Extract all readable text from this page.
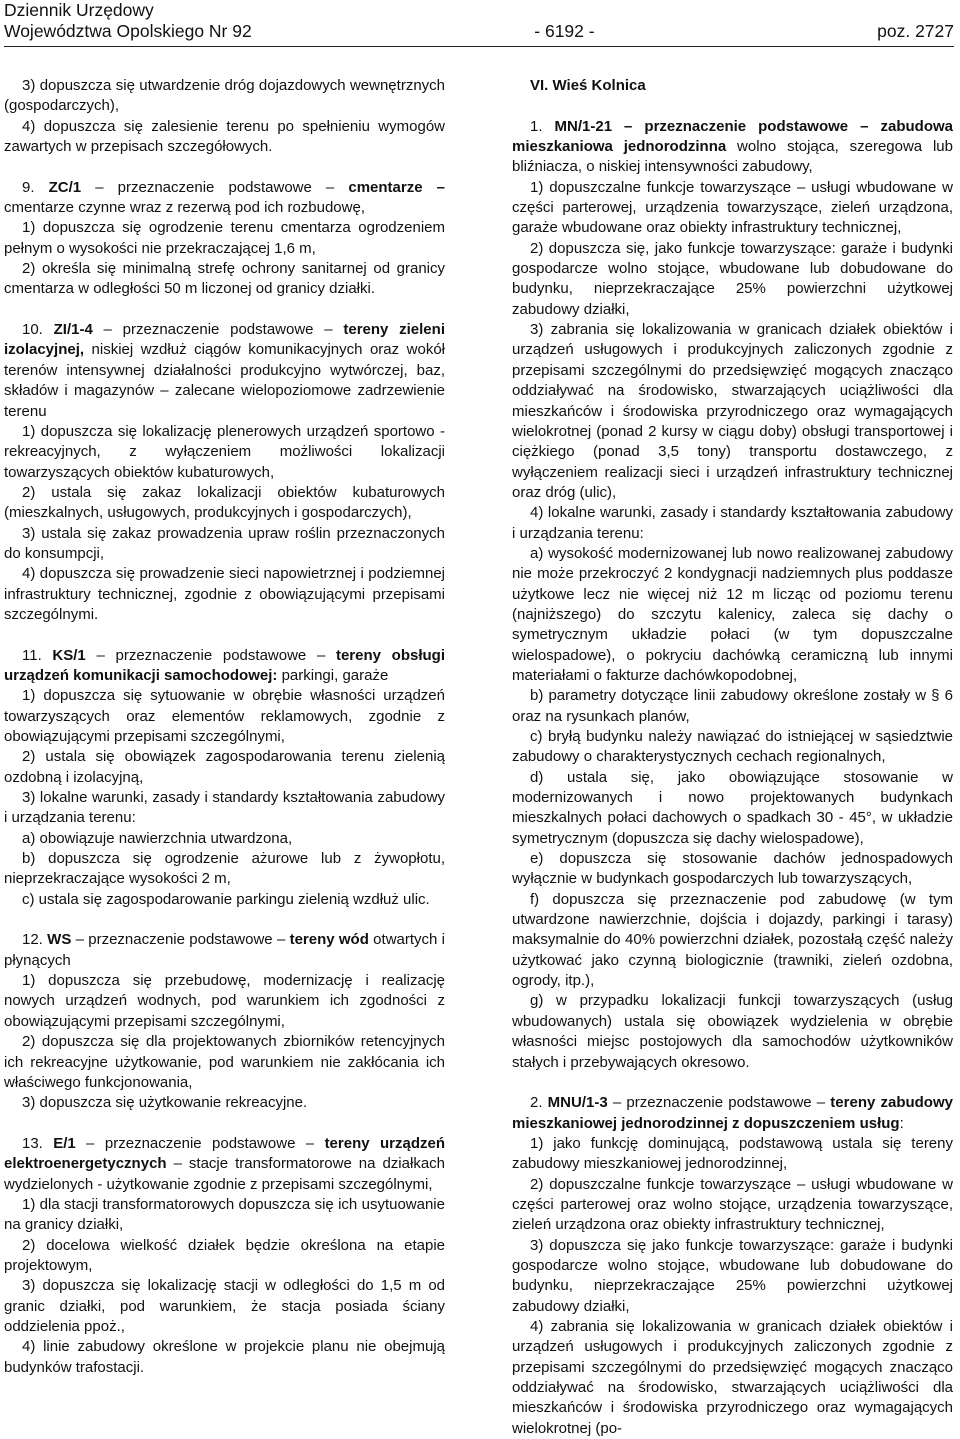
Dziennik Urzędowy
Województwa Opolskiego Nr 92	- 6192 -	poz. 2727

3) dopuszcza się utwardzenie dróg dojazdowych wewnętrznych (gospodarczych),

4) dopuszcza się zalesienie terenu po spełnieniu wymogów zawartych w przepisach szczegółowych.

9. ZC/1 – przeznaczenie podstawowe – cmentarze – cmentarze czynne wraz z rezerwą pod ich rozbudowę,

1) dopuszcza się ogrodzenie terenu cmentarza ogrodzeniem pełnym o wysokości nie przekraczającej 1,6 m,

2) określa się minimalną strefę ochrony sanitarnej od granicy cmentarza w odległości 50 m liczonej od granicy działki.

10. ZI/1-4 – przeznaczenie podstawowe – tereny zieleni izolacyjnej, niskiej wzdłuż ciągów komunikacyjnych oraz wokół terenów intensywnej działalności produkcyjno wytwórczej, baz, składów i magazynów – zalecane wielopoziomowe zadrzewienie terenu

1) dopuszcza się lokalizację plenerowych urządzeń sportowo - rekreacyjnych, z wyłączeniem możliwości lokalizacji towarzyszących obiektów kubaturowych,

2) ustala się zakaz lokalizacji obiektów kubaturowych (mieszkalnych, usługowych, produkcyjnych i gospodarczych),

3) ustala się zakaz prowadzenia upraw roślin przeznaczonych do konsumpcji,

4) dopuszcza się prowadzenie sieci napowietrznej i podziemnej infrastruktury technicznej, zgodnie z obowiązującymi przepisami szczególnymi.

11. KS/1 – przeznaczenie podstawowe – tereny obsługi urządzeń komunikacji samochodowej: parkingi, garaże

1) dopuszcza się sytuowanie w obrębie własności urządzeń towarzyszących oraz elementów reklamowych, zgodnie z obowiązującymi przepisami szczególnymi,

2) ustala się obowiązek zagospodarowania terenu zielenią ozdobną i izolacyjną,

3) lokalne warunki, zasady i standardy kształtowania zabudowy i urządzania terenu:

a) obowiązuje nawierzchnia utwardzona,

b) dopuszcza się ogrodzenie ażurowe lub z żywopłotu, nieprzekraczające wysokości 2 m,

c) ustala się zagospodarowanie parkingu zielenią wzdłuż ulic.

12. WS – przeznaczenie podstawowe – tereny wód otwartych i płynących

1) dopuszcza się przebudowę, modernizację i realizację nowych urządzeń wodnych, pod warunkiem ich zgodności z obowiązującymi przepisami szczególnymi,

2) dopuszcza się dla projektowanych zbiorników retencyjnych ich rekreacyjne użytkowanie, pod warunkiem nie zakłócania ich właściwego funkcjonowania,

3) dopuszcza się użytkowanie rekreacyjne.

13. E/1 – przeznaczenie podstawowe – tereny urządzeń elektroenergetycznych – stacje transformatorowe na działkach wydzielonych - użytkowanie zgodnie z przepisami szczególnymi,

1) dla stacji transformatorowych dopuszcza się ich usytuowanie na granicy działki,

2) docelowa wielkość działek będzie określona na etapie projektowym,

3) dopuszcza się lokalizację stacji w odległości do 1,5 m od granic działki, pod warunkiem, że stacja posiada ściany oddzielenia ppoż.,

4) linie zabudowy określone w projekcie planu nie obejmują budynków trafostacji.

VI. Wieś Kolnica

1. MN/1-21 – przeznaczenie podstawowe – zabudowa mieszkaniowa jednorodzinna wolno stojąca, szeregowa lub bliźniacza, o niskiej intensywności zabudowy,

1) dopuszczalne funkcje towarzyszące – usługi wbudowane w części parterowej, urządzenia towarzyszące, zieleń urządzona, garaże wbudowane oraz obiekty infrastruktury technicznej,

2) dopuszcza się, jako funkcje towarzyszące: garaże i budynki gospodarcze wolno stojące, wbudowane lub dobudowane do budynku, nieprzekraczające 25% powierzchni użytkowej zabudowy działki,

3) zabrania się lokalizowania w granicach działek obiektów i urządzeń usługowych i produkcyjnych zaliczonych zgodnie z przepisami szczególnymi do przedsięwzięć mogących znacząco oddziaływać na środowisko, stwarzających uciążliwości dla mieszkańców i środowiska przyrodniczego oraz wymagających wielokrotnej (ponad 2 kursy w ciągu doby) obsługi transportowej i ciężkiego (ponad 3,5 tony) transportu dostawczego, z wyłączeniem realizacji sieci i urządzeń infrastruktury technicznej oraz dróg (ulic),

4) lokalne warunki, zasady i standardy kształtowania zabudowy i urządzania terenu:

a) wysokość modernizowanej lub nowo realizowanej zabudowy nie może przekroczyć 2 kondygnacji nadziemnych plus poddasze użytkowe lecz nie więcej niż 12 m licząc od poziomu terenu (najniższego) do szczytu kalenicy, zaleca się dachy o symetrycznym układzie połaci (w tym dopuszczalne wielospadowe), o pokryciu dachówką ceramiczną lub innymi materiałami o fakturze dachówkopodobnej,

b) parametry dotyczące linii zabudowy określone zostały w § 6 oraz na rysunkach planów,

c) bryłą budynku należy nawiązać do istniejącej w sąsiedztwie zabudowy o charakterystycznych cechach regionalnych,

d) ustala się, jako obowiązujące stosowanie w modernizowanych i nowo projektowanych budynkach mieszkalnych połaci dachowych o spadkach 30 - 45°, w układzie symetrycznym (dopuszcza się dachy wielospadowe),

e) dopuszcza się stosowanie dachów jednospadowych wyłącznie w budynkach gospodarczych lub towarzyszących,

f) dopuszcza się przeznaczenie pod zabudowę (w tym utwardzone nawierzchnie, dojścia i dojazdy, parkingi i tarasy) maksymalnie do 40% powierzchni działek, pozostałą część należy użytkować jako czynną biologicznie (trawniki, zieleń ozdobna, ogrody, itp.),

g) w przypadku lokalizacji funkcji towarzyszących (usług wbudowanych) ustala się obowiązek wydzielenia w obrębie własności miejsc postojowych dla samochodów użytkowników stałych i przebywających okresowo.

2. MNU/1-3 – przeznaczenie podstawowe – tereny zabudowy mieszkaniowej jednorodzinnej z dopuszczeniem usług:

1) jako funkcję dominującą, podstawową ustala się tereny zabudowy mieszkaniowej jednorodzinnej,

2) dopuszczalne funkcje towarzyszące – usługi wbudowane w części parterowej oraz wolno stojące, urządzenia towarzyszące, zieleń urządzona oraz obiekty infrastruktury technicznej,

3) dopuszcza się jako funkcje towarzyszące: garaże i budynki gospodarcze wolno stojące, wbudowane lub dobudowane do budynku, nieprzekraczające 25% powierzchni użytkowej zabudowy działki,

4) zabrania się lokalizowania w granicach działek obiektów i urządzeń usługowych i produkcyjnych zaliczonych zgodnie z przepisami szczególnymi do przedsięwzięć mogących znacząco oddziaływać na środowisko, stwarzających uciążliwości dla mieszkańców i środowiska przyrodniczego oraz wymagających wielokrotnej (po-
